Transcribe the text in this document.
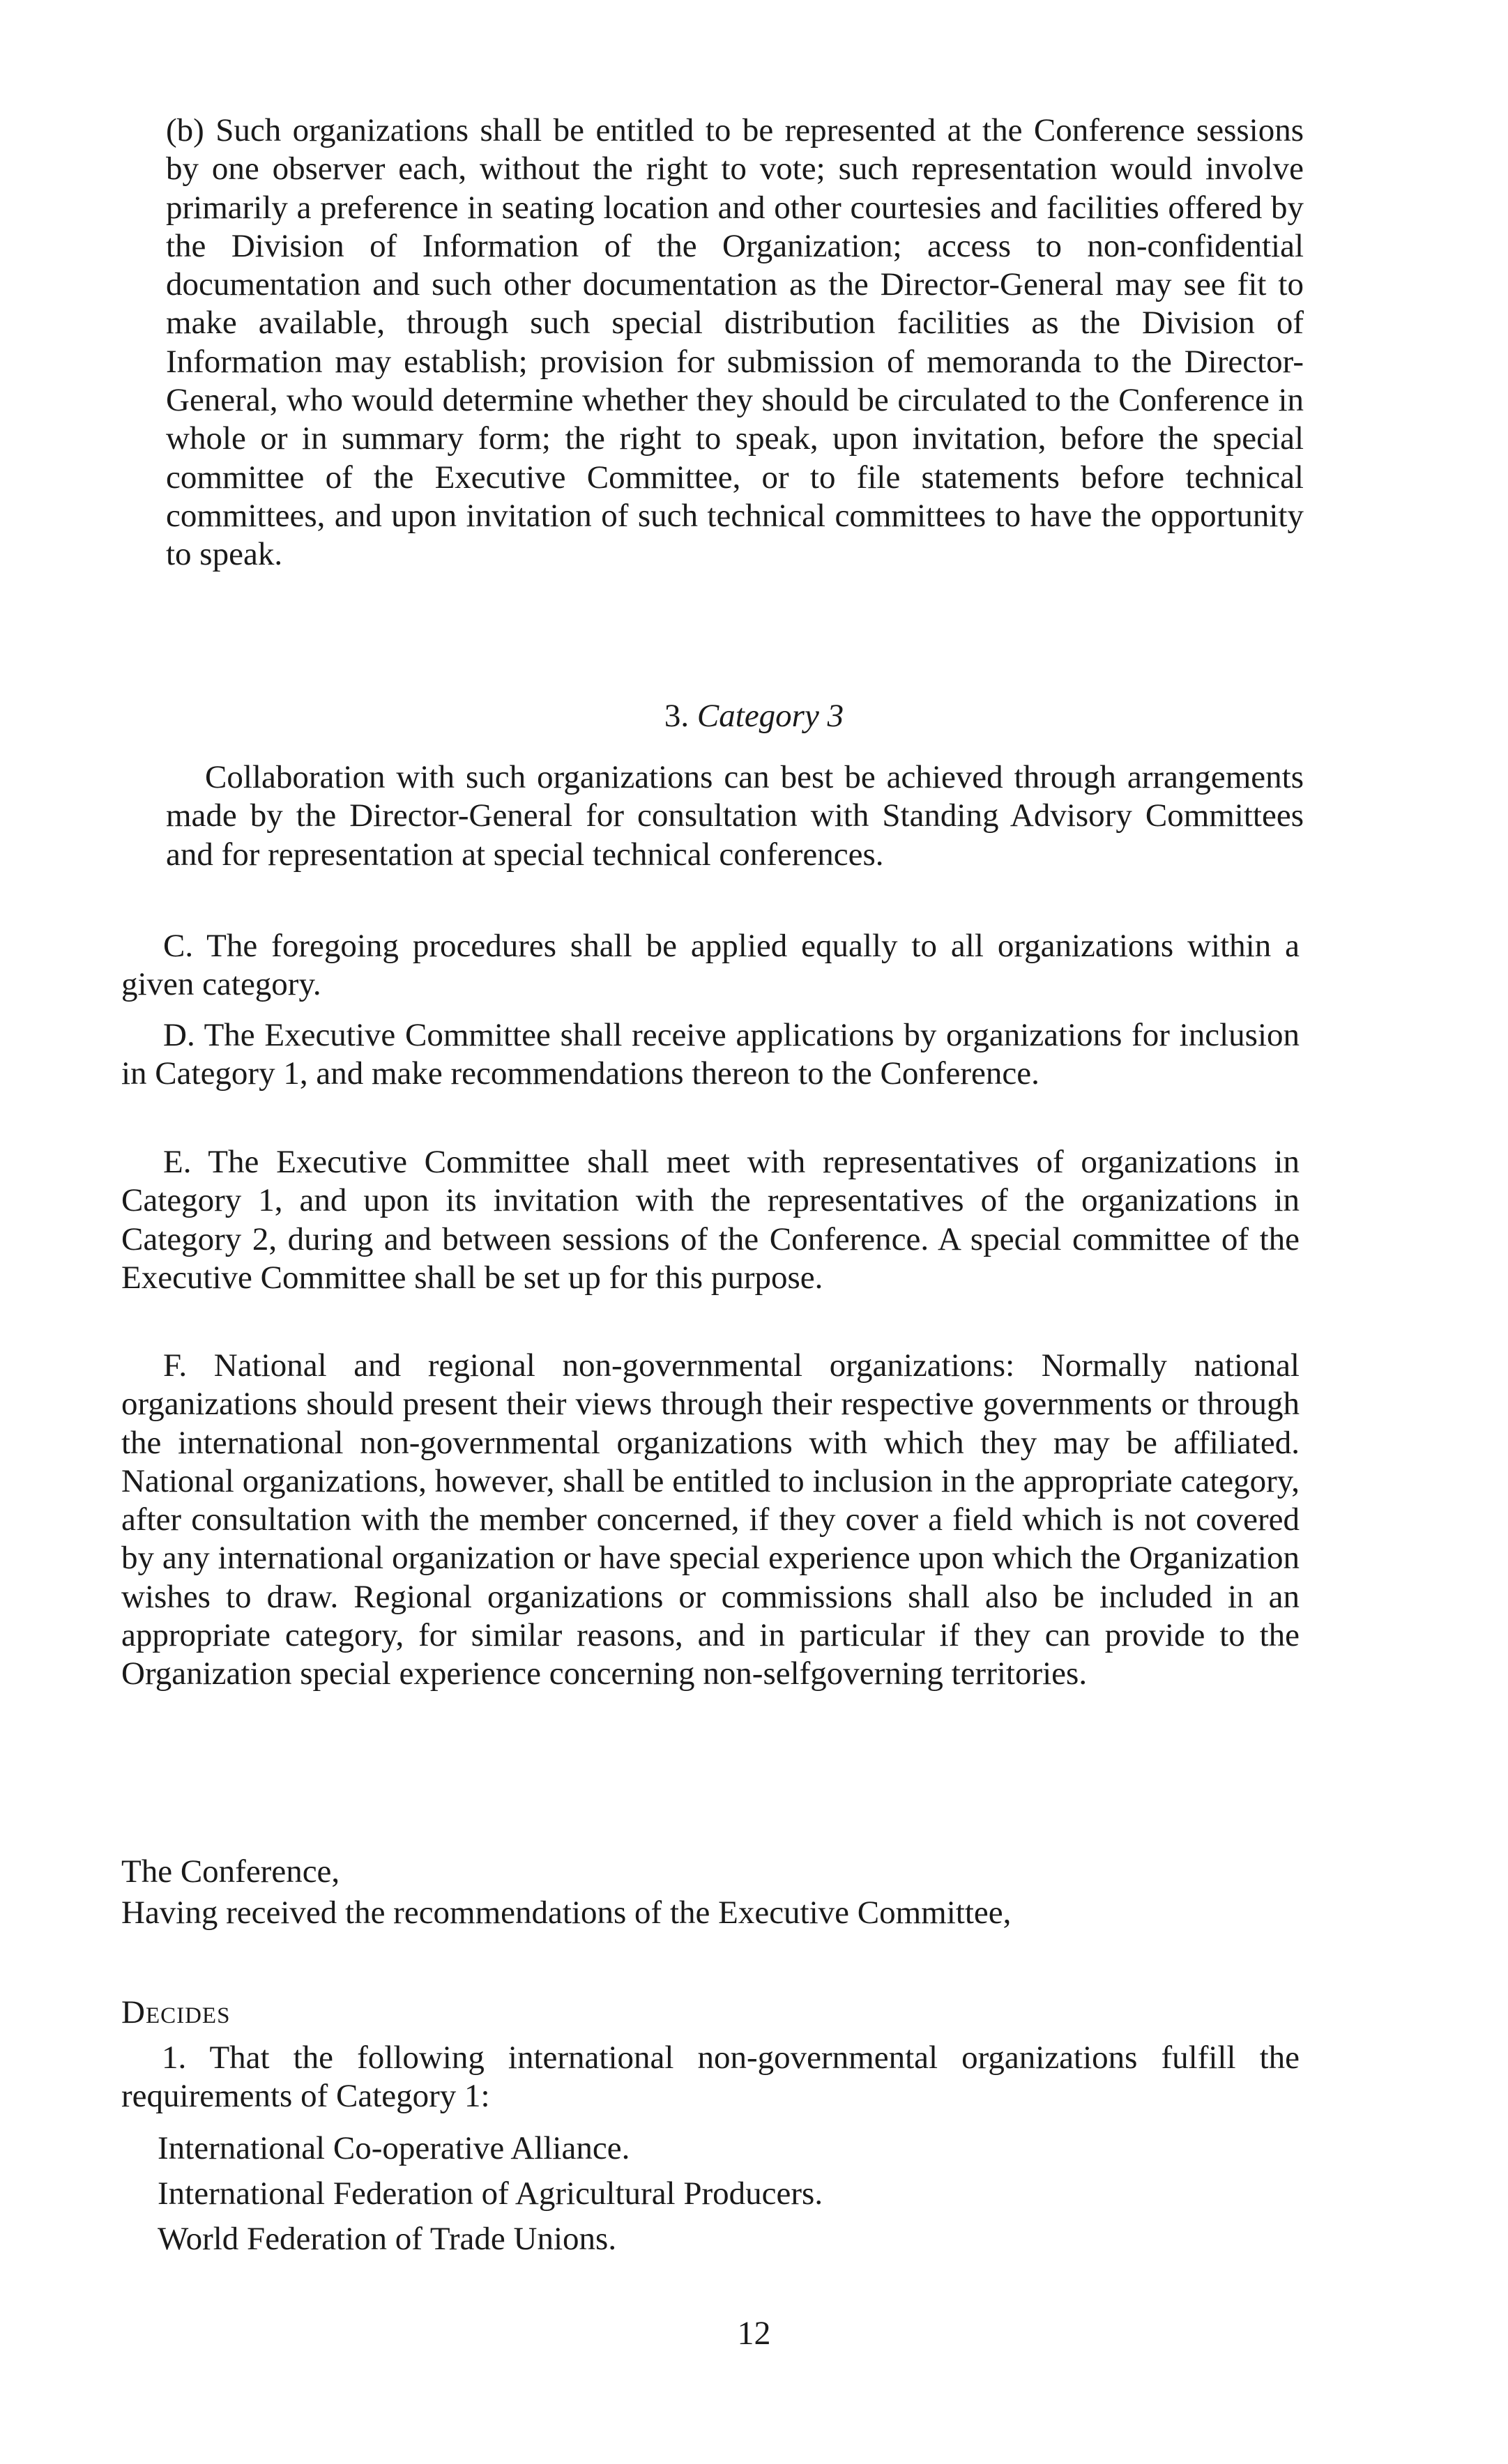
(b) Such organizations shall be entitled to be represented at the Conference sessions by one observer each, without the right to vote; such representation would involve primarily a preference in seating location and other courtesies and facilities offered by the Division of Information of the Organization; access to non-confidential documentation and such other documentation as the Director-General may see fit to make available, through such special distribution facilities as the Division of Information may establish; provision for submission of memoranda to the Director-General, who would determine whether they should be circulated to the Conference in whole or in summary form; the right to speak, upon invitation, before the special committee of the Executive Committee, or to file statements before technical committees, and upon invitation of such technical committees to have the opportunity to speak.

3. Category 3

Collaboration with such organizations can best be achieved through arrangements made by the Director-General for consultation with Standing Advisory Committees and for representation at special technical conferences.

C. The foregoing procedures shall be applied equally to all organizations within a given category.

D. The Executive Committee shall receive applications by organizations for inclusion in Category 1, and make recommendations thereon to the Conference.

E. The Executive Committee shall meet with representatives of organizations in Category 1, and upon its invitation with the representatives of the organizations in Category 2, during and between sessions of the Conference. A special committee of the Executive Committee shall be set up for this purpose.

F. National and regional non-governmental organizations: Normally national organizations should present their views through their respective governments or through the international non-governmental organizations with which they may be affiliated. National organizations, however, shall be entitled to inclusion in the appropriate category, after consultation with the member concerned, if they cover a field which is not covered by any international organization or have special experience upon which the Organization wishes to draw. Regional organizations or commissions shall also be included in an appropriate category, for similar reasons, and in particular if they can provide to the Organization special experience concerning non-selfgoverning territories.

The Conference,

Having received the recommendations of the Executive Committee,

Decides

1. That the following international non-governmental organizations fulfill the requirements of Category 1:

International Co-operative Alliance.

International Federation of Agricultural Producers.

World Federation of Trade Unions.

12
